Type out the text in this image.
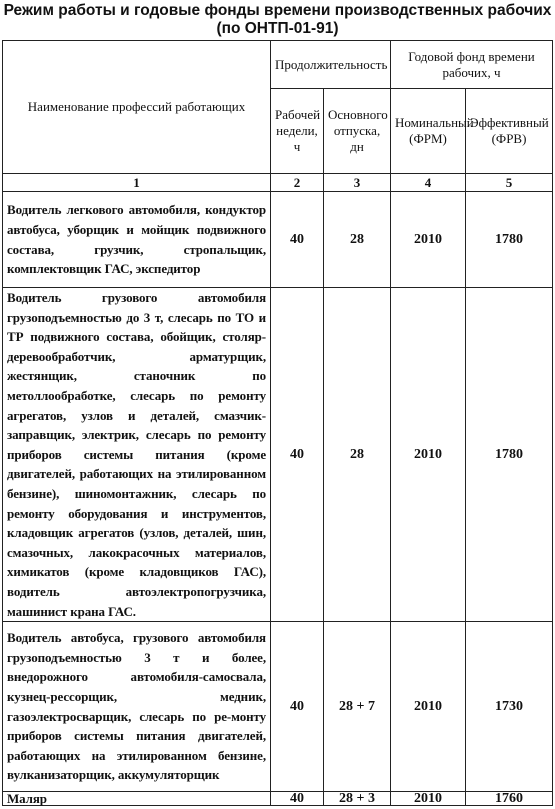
Режим работы и годовые фонды времени производственных рабочих
(по ОНТП-01-91)
Наименование профессий работающих	Продолжительность		Годовой фонд времени рабочих, ч	
	Рабочей недели, ч	Основного отпуска, дн	Номинальный (ФРМ)	Эффективный (ФРВ)
1	2	3	4	5
Водитель легкового автомобиля, кондуктор автобуса, уборщик и мойщик подвижного состава, грузчик, стропальщик, комплектовщик ГАС, экспедитор	40	28	2010	1780
Водитель грузового автомобиля грузоподъемностью до 3 т, слесарь по ТО и ТР подвижного состава, обойщик, столяр-деревообработчик, арматурщик, жестянщик, станочник по метоллообработке, слесарь по ремонту агрегатов, узлов и деталей, смазчик-заправщик, электрик, слесарь по ремонту приборов системы питания (кроме двигателей, работающих на этилированном бензине), шиномонтажник, слесарь по ремонту оборудования и инструментов, кладовщик агрегатов (узлов, деталей, шин, смазочных, лакокрасочных материалов, химикатов (кроме кладовщиков ГАС), водитель автоэлектропогрузчика, машинист крана ГАС.	40	28	2010	1780
Водитель автобуса, грузового автомобиля грузоподъемностью 3 т и более, внедорожного автомобиля-самосвала, кузнец-рессорщик, медник, газоэлектросварщик, слесарь по ре-монту приборов системы питания двигателей, работающих на этилированном бензине, вулканизаторщик, аккумуляторщик	40	28 + 7	2010	1730
Маляр	40	28 + 3	2010	1760
